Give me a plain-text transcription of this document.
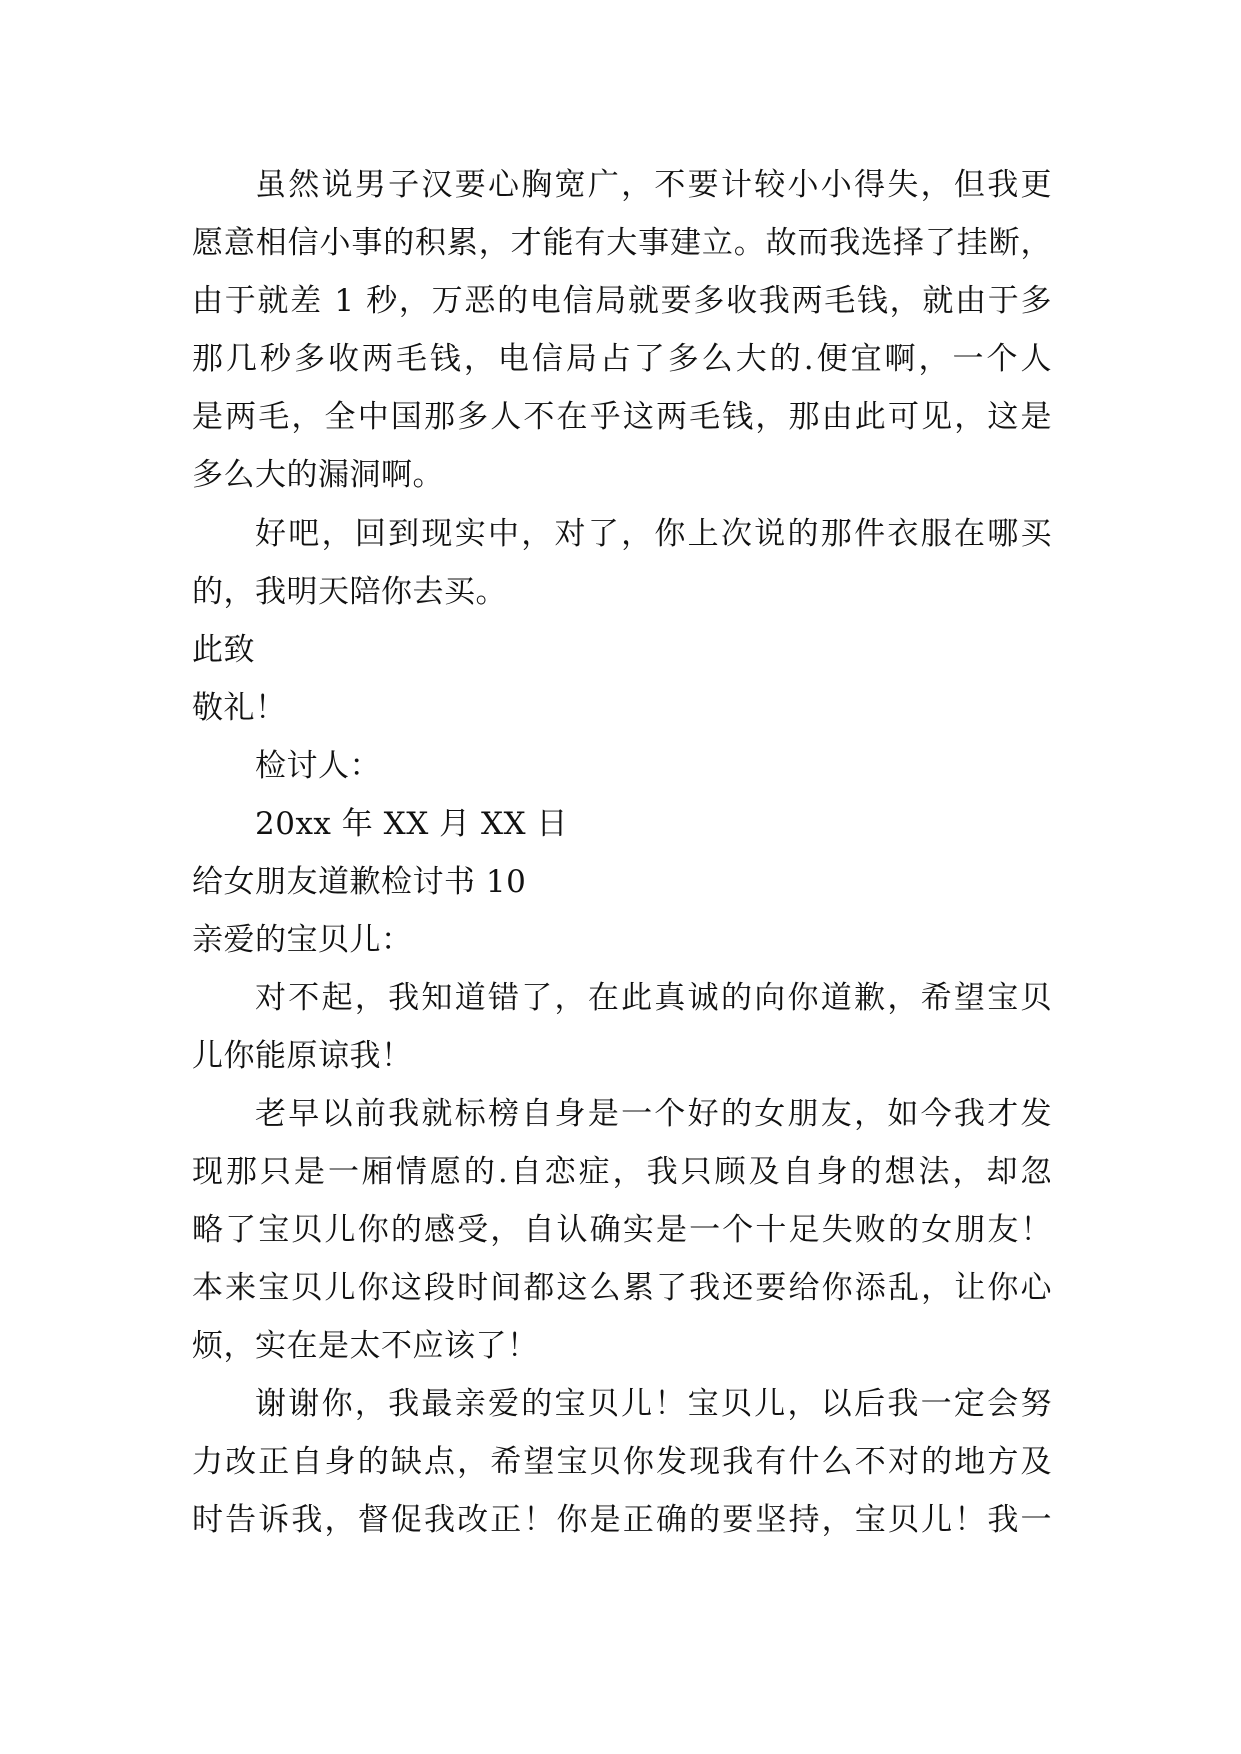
虽然说男子汉要心胸宽广，不要计较小小得失，但我更
愿意相信小事的积累，才能有大事建立。故而我选择了挂断，
由于就差 1 秒，万恶的电信局就要多收我两毛钱，就由于多
那几秒多收两毛钱，电信局占了多么大的.便宜啊，一个人
是两毛，全中国那多人不在乎这两毛钱，那由此可见，这是
多么大的漏洞啊。
好吧，回到现实中，对了，你上次说的那件衣服在哪买
的，我明天陪你去买。
此致
敬礼！
检讨人：
20xx 年 XX 月 XX 日
给女朋友道歉检讨书 10
亲爱的宝贝儿：
对不起，我知道错了，在此真诚的向你道歉，希望宝贝
儿你能原谅我！
老早以前我就标榜自身是一个好的女朋友，如今我才发
现那只是一厢情愿的.自恋症，我只顾及自身的想法，却忽
略了宝贝儿你的感受，自认确实是一个十足失败的女朋友！
本来宝贝儿你这段时间都这么累了我还要给你添乱，让你心
烦，实在是太不应该了！
谢谢你，我最亲爱的宝贝儿！宝贝儿，以后我一定会努
力改正自身的缺点，希望宝贝你发现我有什么不对的地方及
时告诉我，督促我改正！你是正确的要坚持，宝贝儿！我一
